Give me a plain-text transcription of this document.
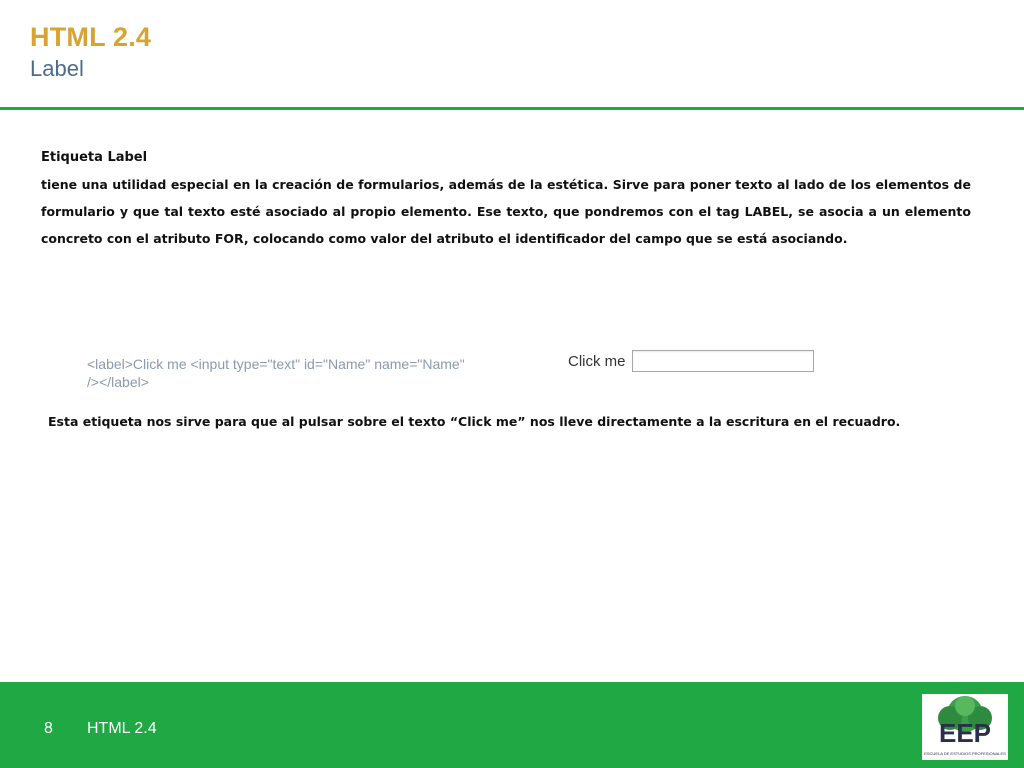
HTML 2.4
Label
Etiqueta Label
tiene una utilidad especial en la creación de formularios, además de la estética. Sirve para poner texto al lado de los elementos de formulario y que tal texto esté asociado al propio elemento. Ese texto, que pondremos con el tag LABEL, se asocia a un elemento concreto con el atributo FOR, colocando como valor del atributo el identificador del campo que se está asociando.
<label>Click me <input type="text" id="Name" name="Name"
/></label>
Click me
Esta etiqueta nos sirve para que al pulsar sobre el texto “Click me” nos lleve directamente a la escritura en el recuadro.
8 HTML 2.4	EEP
ESCUELA DE ESTUDIOS PROFESIONALES
